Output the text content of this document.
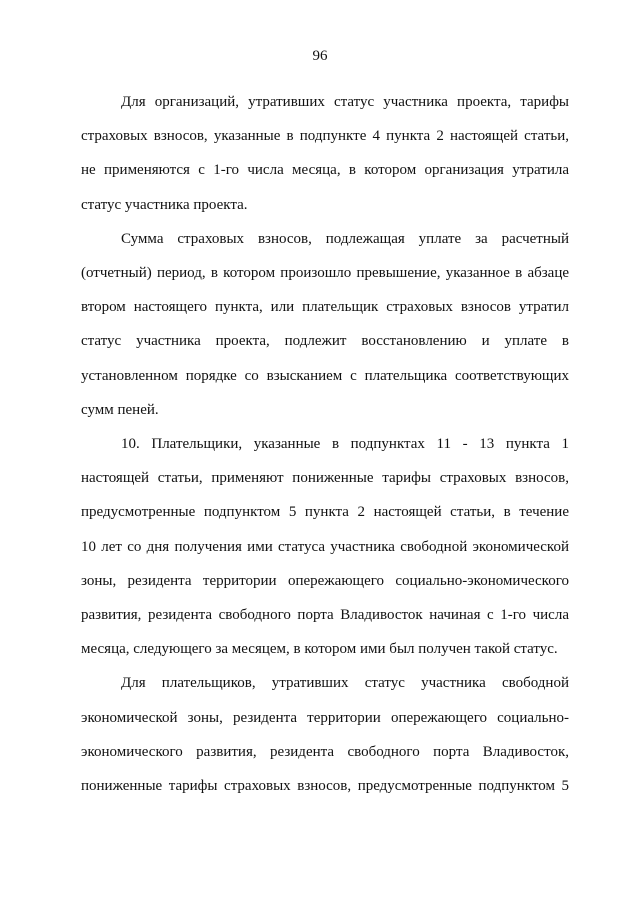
96
Для организаций, утративших статус участника проекта, тарифы
страховых взносов, указанные в подпункте 4 пункта 2 настоящей статьи,
не применяются с 1-го числа месяца, в котором организация утратила
статус участника проекта.
Сумма страховых взносов, подлежащая уплате за расчетный
(отчетный) период, в котором произошло превышение, указанное в абзаце
втором настоящего пункта, или плательщик страховых взносов утратил
статус участника проекта, подлежит восстановлению и уплате в
установленном порядке со взысканием с плательщика соответствующих
сумм пеней.
10. Плательщики, указанные в подпунктах 11 - 13 пункта 1
настоящей статьи, применяют пониженные тарифы страховых взносов,
предусмотренные подпунктом 5 пункта 2 настоящей статьи, в течение
10 лет со дня получения ими статуса участника свободной экономической
зоны, резидента территории опережающего социально-экономического
развития, резидента свободного порта Владивосток начиная с 1-го числа
месяца, следующего за месяцем, в котором ими был получен такой статус.
Для плательщиков, утративших статус участника свободной
экономической зоны, резидента территории опережающего социально-
экономического развития, резидента свободного порта Владивосток,
пониженные тарифы страховых взносов, предусмотренные подпунктом 5
